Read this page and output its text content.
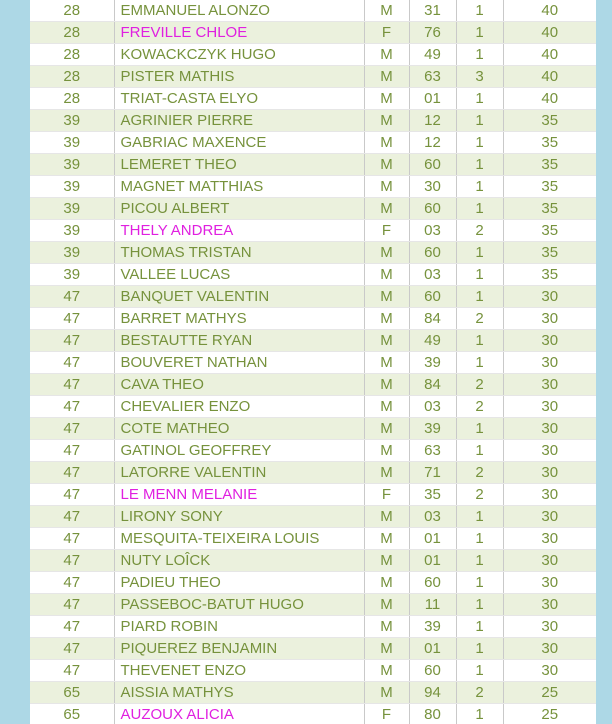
28	EMMANUEL ALONZO	M	31	1	40
28	FREVILLE CHLOE	F	76	1	40
28	KOWACKCZYK HUGO	M	49	1	40
28	PISTER MATHIS	M	63	3	40
28	TRIAT-CASTA ELYO	M	01	1	40
39	AGRINIER PIERRE	M	12	1	35
39	GABRIAC MAXENCE	M	12	1	35
39	LEMERET THEO	M	60	1	35
39	MAGNET MATTHIAS	M	30	1	35
39	PICOU ALBERT	M	60	1	35
39	THELY ANDREA	F	03	2	35
39	THOMAS TRISTAN	M	60	1	35
39	VALLEE LUCAS	M	03	1	35
47	BANQUET VALENTIN	M	60	1	30
47	BARRET MATHYS	M	84	2	30
47	BESTAUTTE RYAN	M	49	1	30
47	BOUVERET NATHAN	M	39	1	30
47	CAVA THEO	M	84	2	30
47	CHEVALIER ENZO	M	03	2	30
47	COTE MATHEO	M	39	1	30
47	GATINOL GEOFFREY	M	63	1	30
47	LATORRE VALENTIN	M	71	2	30
47	LE MENN MELANIE	F	35	2	30
47	LIRONY SONY	M	03	1	30
47	MESQUITA-TEIXEIRA LOUIS	M	01	1	30
47	NUTY LOÎCK	M	01	1	30
47	PADIEU THEO	M	60	1	30
47	PASSEBOC-BATUT HUGO	M	11	1	30
47	PIARD ROBIN	M	39	1	30
47	PIQUEREZ BENJAMIN	M	01	1	30
47	THEVENET ENZO	M	60	1	30
65	AISSIA MATHYS	M	94	2	25
65	AUZOUX ALICIA	F	80	1	25
